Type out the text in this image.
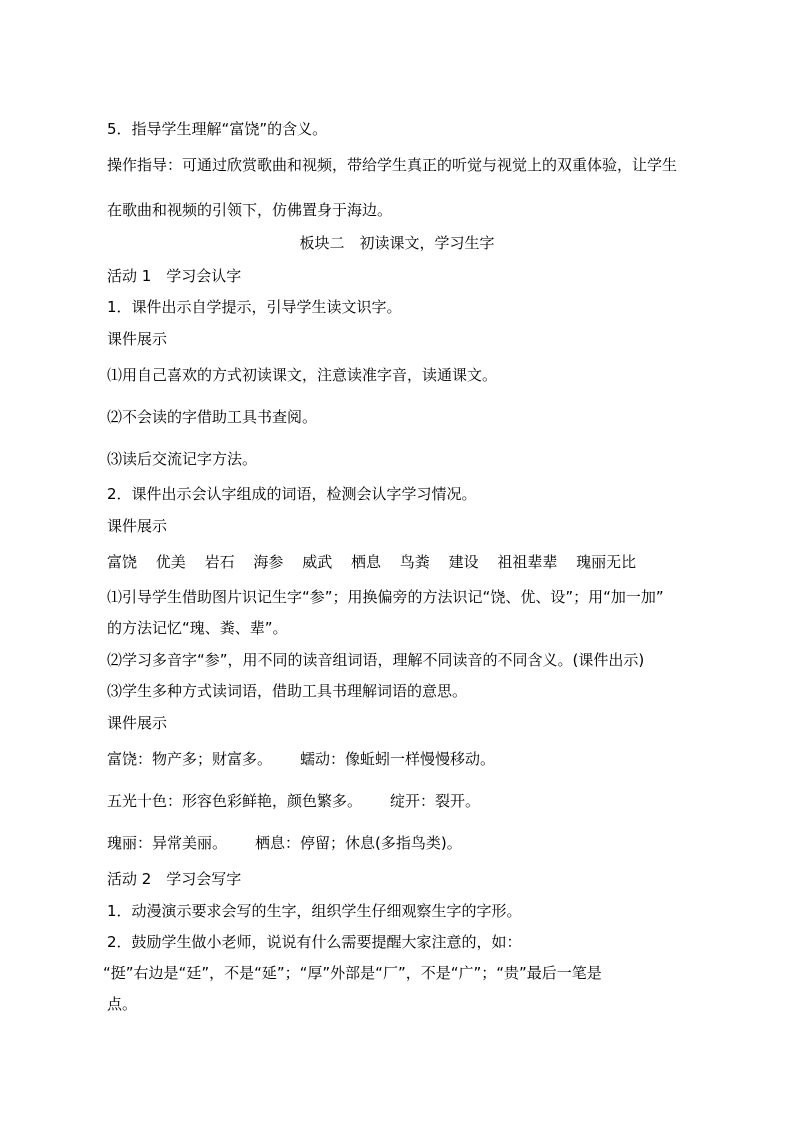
5．指导学生理解“富饶”的含义。
操作指导：可通过欣赏歌曲和视频，带给学生真正的听觉与视觉上的双重体验，让学生
在歌曲和视频的引领下，仿佛置身于海边。
板块二　初读课文，学习生字
活动 1　学习会认字
1．课件出示自学提示，引导学生读文识字。
课件展示
⑴用自己喜欢的方式初读课文，注意读准字音，读通课文。
⑵不会读的字借助工具书查阅。
⑶读后交流记字方法。
2．课件出示会认字组成的词语，检测会认字学习情况。
课件展示
富饶 优美 岩石 海参 威武 栖息 鸟粪 建设 祖祖辈辈 瑰丽无比
⑴引导学生借助图片识记生字“参”；用换偏旁的方法识记“饶、优、设”；用“加一加”
的方法记忆“瑰、粪、辈”。
⑵学习多音字“参”，用不同的读音组词语，理解不同读音的不同含义。(课件出示)
⑶学生多种方式读词语，借助工具书理解词语的意思。
课件展示
富饶：物产多；财富多。 蠕动：像蚯蚓一样慢慢移动。
五光十色：形容色彩鲜艳，颜色繁多。 绽开：裂开。
瑰丽：异常美丽。 栖息：停留；休息(多指鸟类)。
活动 2　学习会写字
1．动漫演示要求会写的生字，组织学生仔细观察生字的字形。
2．鼓励学生做小老师，说说有什么需要提醒大家注意的，如：
“挺”右边是“廷”，不是“延”；“厚”外部是“厂”，不是“广”；“贵”最后一笔是
点。
